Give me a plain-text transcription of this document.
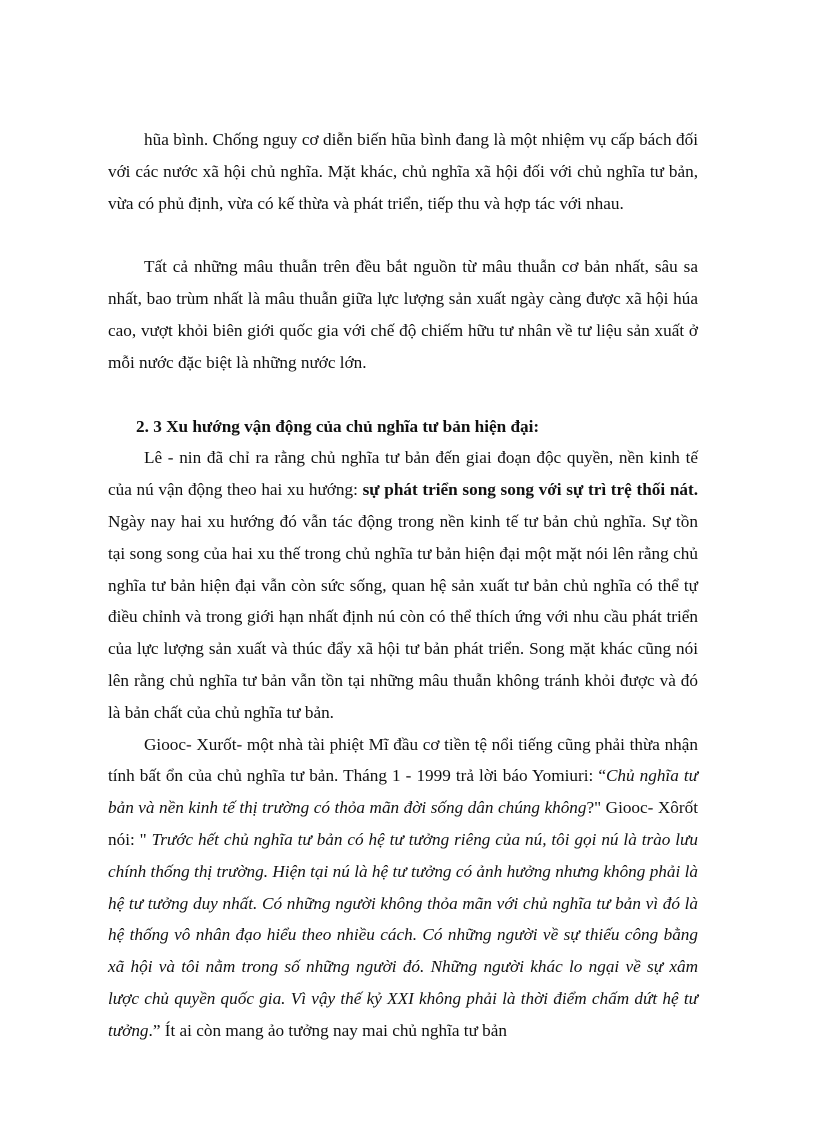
hũa bình. Chống nguy cơ diễn biến hũa bình đang là một nhiệm vụ cấp bách đối với các nước xã hội chủ nghĩa. Mặt khác, chủ nghĩa xã hội đối với chủ nghĩa tư bản, vừa có phủ định, vừa có kế thừa và phát triển, tiếp thu và hợp tác với nhau.

Tất cả những mâu thuẫn trên đều bắt nguồn từ mâu thuẫn cơ bản nhất, sâu sa nhất, bao trùm nhất là mâu thuẫn giữa lực lượng sản xuất ngày càng được xã hội húa cao, vượt khỏi biên giới quốc gia với chế độ chiếm hữu tư nhân về tư liệu sản xuất ở mỗi nước đặc biệt là những nước lớn.

2. 3 Xu hướng vận động của chủ nghĩa tư bản hiện đại:

Lê - nin đã chỉ ra rằng chủ nghĩa tư bản đến giai đoạn độc quyền, nền kinh tế của nú vận động theo hai xu hướng: sự phát triển song song với sự trì trệ thối nát. Ngày nay hai xu hướng đó vẫn tác động trong nền kinh tế tư bản chủ nghĩa. Sự tồn tại song song của hai xu thế trong chủ nghĩa tư bản hiện đại một mặt nói lên rằng chủ nghĩa tư bản hiện đại vẫn còn sức sống, quan hệ sản xuất tư bản chủ nghĩa có thể tự điều chỉnh và trong giới hạn nhất định nú còn có thể thích ứng với nhu cầu phát triển của lực lượng sản xuất và thúc đẩy xã hội tư bản phát triển. Song mặt khác cũng nói lên rằng chủ nghĩa tư bản vẫn tồn tại những mâu thuẫn không tránh khỏi được và đó là bản chất của chủ nghĩa tư bản.

Giooc- Xurốt- một nhà tài phiệt Mĩ đầu cơ tiền tệ nổi tiếng cũng phải thừa nhận tính bất ổn của chủ nghĩa tư bản. Tháng 1 - 1999 trả lời báo Yomiuri: “Chủ nghĩa tư bản và nền kinh tế thị trường có thỏa mãn đời sống dân chúng không?" Giooc- Xôrốt nói: " Trước hết chủ nghĩa tư bản có hệ tư tưởng riêng của nú, tôi gọi nú là trào lưu chính thống thị trường. Hiện tại nú là hệ tư tưởng có ảnh hưởng nhưng không phải là hệ tư tưởng duy nhất. Có những người không thỏa mãn với chủ nghĩa tư bản vì đó là hệ thống vô nhân đạo hiểu theo nhiều cách. Có những người về sự thiếu công bằng xã hội và tôi nằm trong số những người đó. Những người khác lo ngại về sự xâm lược chủ quyền quốc gia. Vì vậy thế kỷ XXI không phải là thời điểm chấm dứt hệ tư tưởng.” Ít ai còn mang ảo tưởng nay mai chủ nghĩa tư bản
